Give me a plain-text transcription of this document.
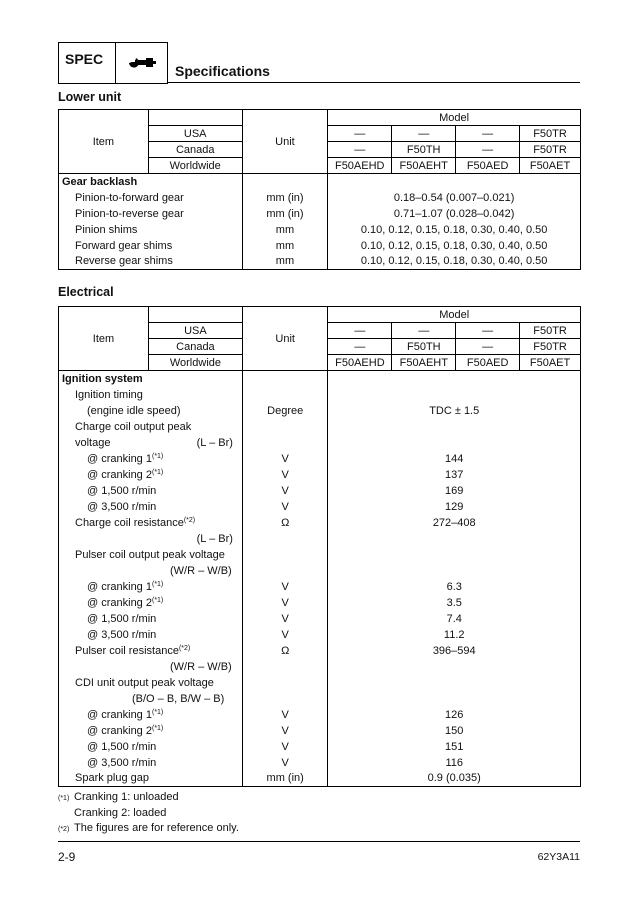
SPEC
Specifications
Lower unit
Item		Unit	Model			
	USA		—	—	—	F50TR
	Canada		—	F50TH	—	F50TR
	Worldwide		F50AEHD	F50AEHT	F50AED	F50AET
Gear backlash						
Pinion-to-forward gear		mm (in)	0.18–0.54 (0.007–0.021)			
Pinion-to-reverse gear		mm (in)	0.71–1.07 (0.028–0.042)			
Pinion shims		mm	0.10, 0.12, 0.15, 0.18, 0.30, 0.40, 0.50			
Forward gear shims		mm	0.10, 0.12, 0.15, 0.18, 0.30, 0.40, 0.50			
Reverse gear shims		mm	0.10, 0.12, 0.15, 0.18, 0.30, 0.40, 0.50			
Electrical
Item		Unit	Model			
	USA		—	—	—	F50TR
	Canada		—	F50TH	—	F50TR
	Worldwide		F50AEHD	F50AEHT	F50AED	F50AET
Ignition system						
Ignition timing						
(engine idle speed)		Degree	TDC ± 1.5			
Charge coil output peak						
voltage (L – Br)						

@ cranking $1^{(*1)}$		V	144			
@ cranking $2^{(*1)}$		V	137			
@ 1,500 r/min		V	169			
@ 3,500 r/min		V	129			
Charge coil resistance$^{(*2)}$		Ω	272–408			

(L – Br)						

Pulser coil output peak voltage						
(W/R – W/B)						
@ cranking $1^{(*1)}$		V	6.3			
@ cranking $2^{(*1)}$		V	3.5			
@ 1,500 r/min		V	7.4			
@ 3,500 r/min		V	11.2			
Pulser coil resistance$^{(*2)}$		Ω	396–594			
(W/R – W/B)						
CDI unit output peak voltage						
(B/O – B, B/W – B)						
@ cranking $1^{(*1)}$		V	126			
@ cranking $2^{(*1)}$		V	150			
@ 1,500 r/min		V	151			
@ 3,500 r/min		V	116			
Spark plug gap		mm (in)	0.9 (0.035)			
(*1) Cranking 1: unloaded
Cranking 2: loaded
(*2) The figures are for reference only.
2-9	62Y3A11
